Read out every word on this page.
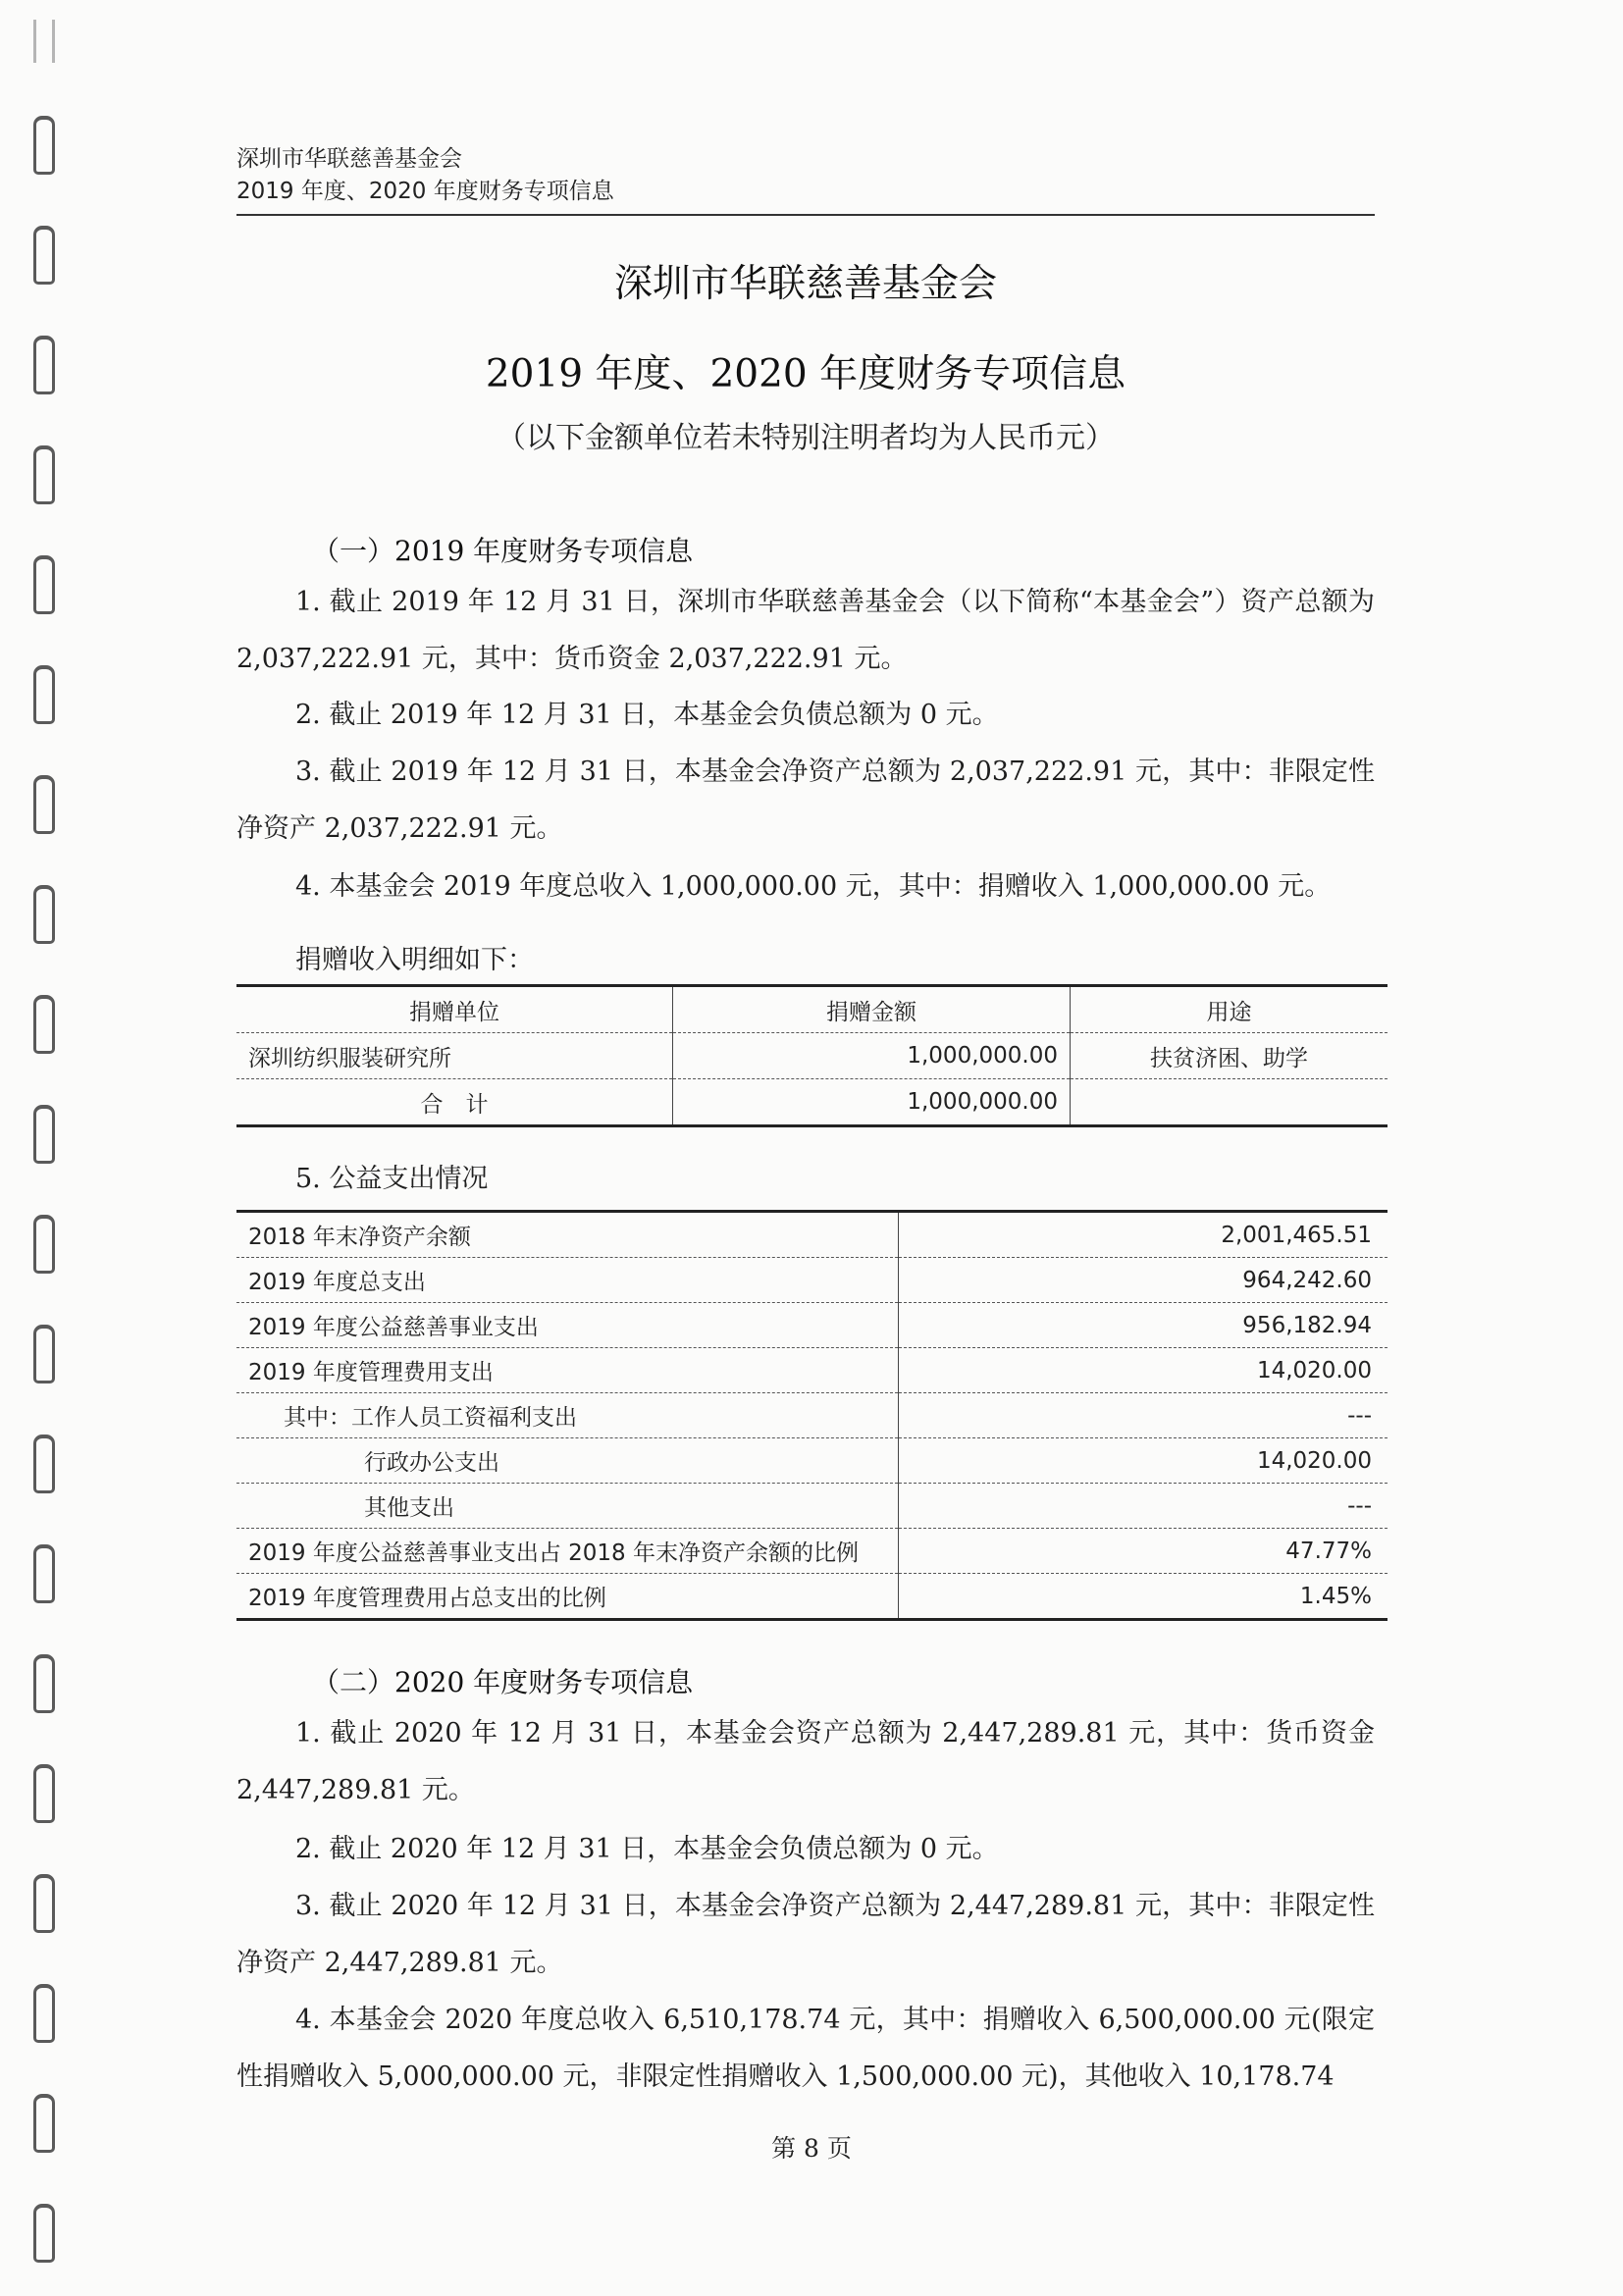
深圳市华联慈善基金会
2019 年度、2020 年度财务专项信息
深圳市华联慈善基金会
2019 年度、2020 年度财务专项信息
（以下金额单位若未特别注明者均为人民币元）
（一）2019 年度财务专项信息
1. 截止 2019 年 12 月 31 日，深圳市华联慈善基金会（以下简称“本基金会”）资产总额为 2,037,222.91 元，其中：货币资金 2,037,222.91 元。
2. 截止 2019 年 12 月 31 日，本基金会负债总额为 0 元。
3. 截止 2019 年 12 月 31 日，本基金会净资产总额为 2,037,222.91 元，其中：非限定性净资产 2,037,222.91 元。
4. 本基金会 2019 年度总收入 1,000,000.00 元，其中：捐赠收入 1,000,000.00 元。
捐赠收入明细如下：
捐赠单位	捐赠金额	用途
深圳纺织服装研究所	1,000,000.00	扶贫济困、助学
合　计	1,000,000.00	
5. 公益支出情况
2018 年末净资产余额	2,001,465.51
2019 年度总支出	964,242.60
2019 年度公益慈善事业支出	956,182.94
2019 年度管理费用支出	14,020.00
其中：工作人员工资福利支出	---
行政办公支出	14,020.00
其他支出	---
2019 年度公益慈善事业支出占 2018 年末净资产余额的比例	47.77%
2019 年度管理费用占总支出的比例	1.45%
（二）2020 年度财务专项信息
1. 截止 2020 年 12 月 31 日，本基金会资产总额为 2,447,289.81 元，其中：货币资金 2,447,289.81 元。
2. 截止 2020 年 12 月 31 日，本基金会负债总额为 0 元。
3. 截止 2020 年 12 月 31 日，本基金会净资产总额为 2,447,289.81 元，其中：非限定性净资产 2,447,289.81 元。
4. 本基金会 2020 年度总收入 6,510,178.74 元，其中：捐赠收入 6,500,000.00 元(限定性捐赠收入 5,000,000.00 元，非限定性捐赠收入 1,500,000.00 元)，其他收入 10,178.74
第 8 页
